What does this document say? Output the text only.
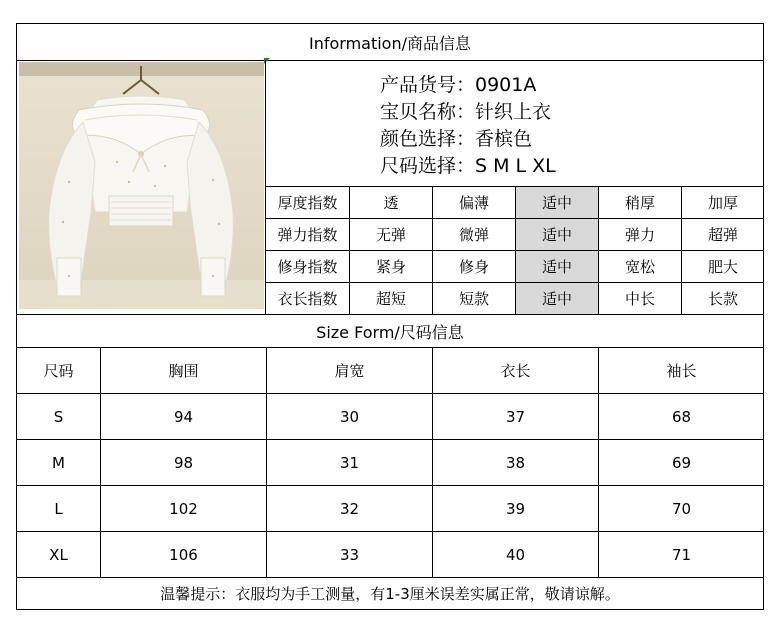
Information/商品信息
产品货号：0901A
宝贝名称：针织上衣
颜色选择：香槟色
尺码选择：S M L XL
厚度指数	透	偏薄	适中	稍厚	加厚
弹力指数	无弹	微弹	适中	弹力	超弹
修身指数	紧身	修身	适中	宽松	肥大
衣长指数	超短	短款	适中	中长	长款
Size Form/尺码信息
尺码	胸围	肩宽	衣长	袖长
S	94	30	37	68
M	98	31	38	69
L	102	32	39	70
XL	106	33	40	71
温馨提示：衣服均为手工测量，有1-3厘米误差实属正常，敬请谅解。
